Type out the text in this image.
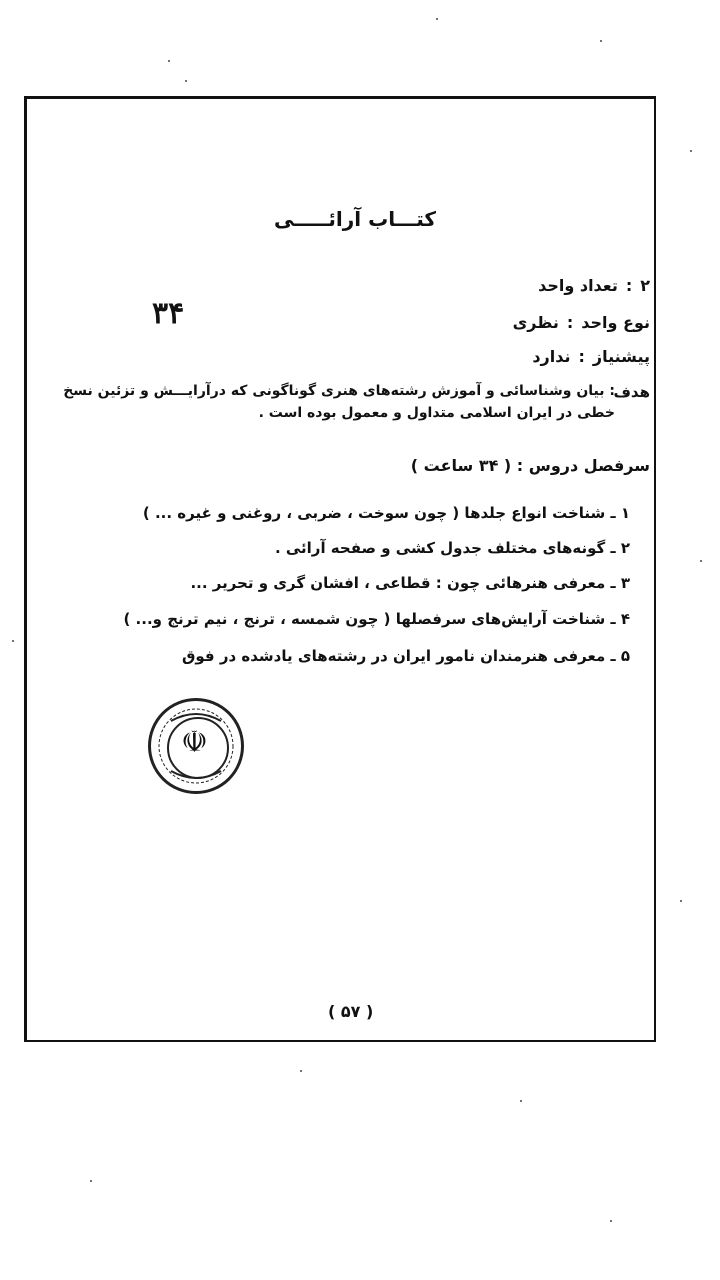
کتـــاب آرائـــــی
تعداد واحد : ۲
نوع واحد:نظری
پیشنیاز:ندارد
۳۴
هدف
: بیان وشناسائی و آموزش رشته‌های هنری گوناگونی که درآرایـــش و تزئین نسخ خطی در ایران اسلامی متداول و معمول بوده است .
سرفصل دروس : ( ۳۴ ساعت )
۱ ـ شناخت انواع جلدها ( چون سوخت ، ضربی ، روغنی و غیره ... )
۲ ـ گونه‌های مختلف جدول کشی و صفحه آرائی .
۳ ـ معرفی هنرهائی چون : قطاعی ، افشان گری و تحریر ...
۴ ـ شناخت آرایش‌های سرفصلها ( چون شمسه ، ترنج ، نیم ترنج و... )
۵ ـ معرفی هنرمندان نامور ایران در رشته‌های یادشده در فوق
☫
( ۵۷ )
